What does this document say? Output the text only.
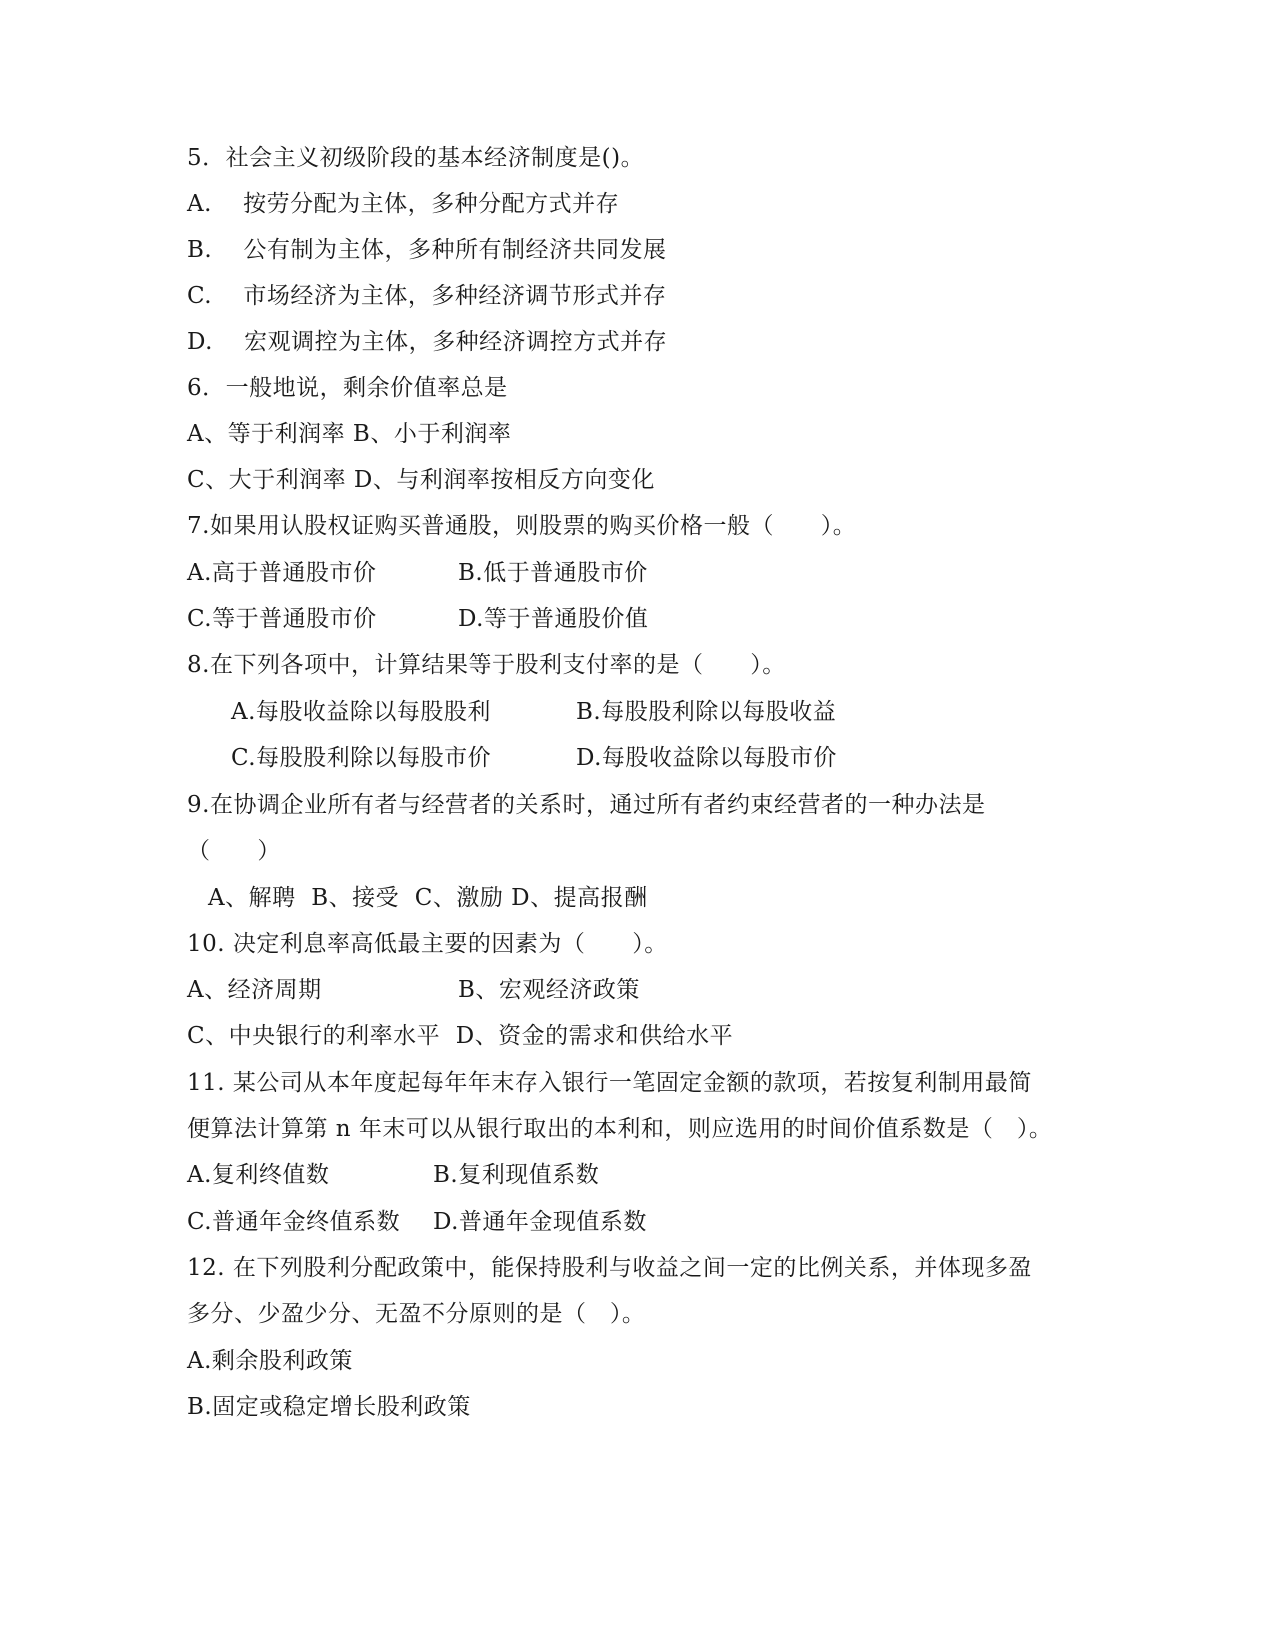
5．社会主义初级阶段的基本经济制度是()。
A.    按劳分配为主体，多种分配方式并存
B.    公有制为主体，多种所有制经济共同发展
C.    市场经济为主体，多种经济调节形式并存
D.    宏观调控为主体，多种经济调控方式并存
6．一般地说，剩余价值率总是
A、等于利润率 B、小于利润率
C、大于利润率 D、与利润率按相反方向变化
7.如果用认股权证购买普通股，则股票的购买价格一般（      ）。
A.高于普通股市价	B.低于普通股市价
C.等于普通股市价	D.等于普通股价值
8.在下列各项中，计算结果等于股利支付率的是（      ）。
A.每股收益除以每股股利	B.每股股利除以每股收益
C.每股股利除以每股市价	D.每股收益除以每股市价
9.在协调企业所有者与经营者的关系时，通过所有者约束经营者的一种办法是
（      ）
A、解聘  B、接受  C、激励 D、提高报酬
10. 决定利息率高低最主要的因素为（      ）。
A、经济周期	B、宏观经济政策
C、中央银行的利率水平  D、资金的需求和供给水平
11. 某公司从本年度起每年年末存入银行一笔固定金额的款项，若按复利制用最简
便算法计算第 n 年末可以从银行取出的本利和，则应选用的时间价值系数是（   ）。
A.复利终值数	B.复利现值系数
C.普通年金终值系数 D.普通年金现值系数
12. 在下列股利分配政策中，能保持股利与收益之间一定的比例关系，并体现多盈
多分、少盈少分、无盈不分原则的是（   ）。
A.剩余股利政策
B.固定或稳定增长股利政策
